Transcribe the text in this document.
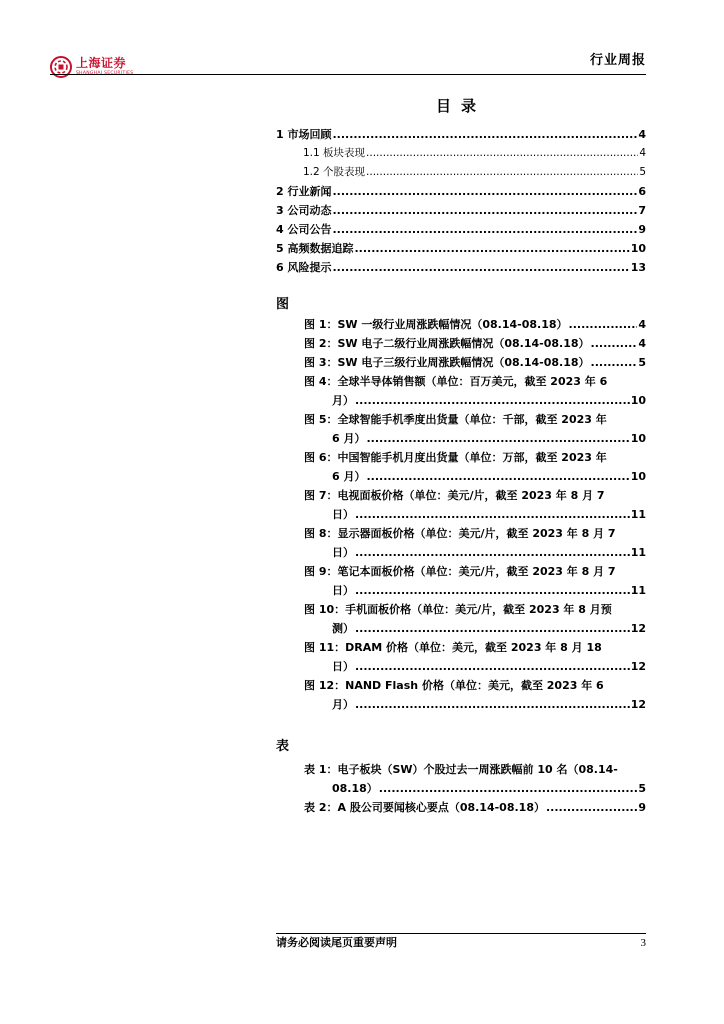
上海证券
SHANGHAI SECURITIES
行业周报
目录
1 市场回顾 .....	4
1.1 板块表现 .....	4
1.2 个股表现 .....	5
2 行业新闻 .....	6
3 公司动态 .....	7
4 公司公告 .....	9
5 高频数据追踪 .....	10
6 风险提示 .....	13
图
图 1：SW 一级行业周涨跌幅情况（08.14-08.18） .....	4
图 2：SW 电子二级行业周涨跌幅情况（08.14-08.18） .....	4
图 3：SW 电子三级行业周涨跌幅情况（08.14-08.18） .....	5
图 4：全球半导体销售额（单位：百万美元，截至 2023 年 6
月） .....	10
图 5：全球智能手机季度出货量（单位：千部，截至 2023 年
6 月） .....	10
图 6：中国智能手机月度出货量（单位：万部，截至 2023 年
6 月） .....	10
图 7：电视面板价格（单位：美元/片，截至 2023 年 8 月 7
日） .....	11
图 8：显示器面板价格（单位：美元/片，截至 2023 年 8 月 7
日） .....	11
图 9：笔记本面板价格（单位：美元/片，截至 2023 年 8 月 7
日） .....	11
图 10：手机面板价格（单位：美元/片，截至 2023 年 8 月预
测） .....	12
图 11：DRAM 价格（单位：美元，截至 2023 年 8 月 18
日） .....	12
图 12：NAND Flash 价格（单位：美元，截至 2023 年 6
月） .....	12
表
表 1：电子板块（SW）个股过去一周涨跌幅前 10 名（08.14-
08.18） .....	5
表 2：A 股公司要闻核心要点（08.14-08.18） .....	9
请务必阅读尾页重要声明	3
